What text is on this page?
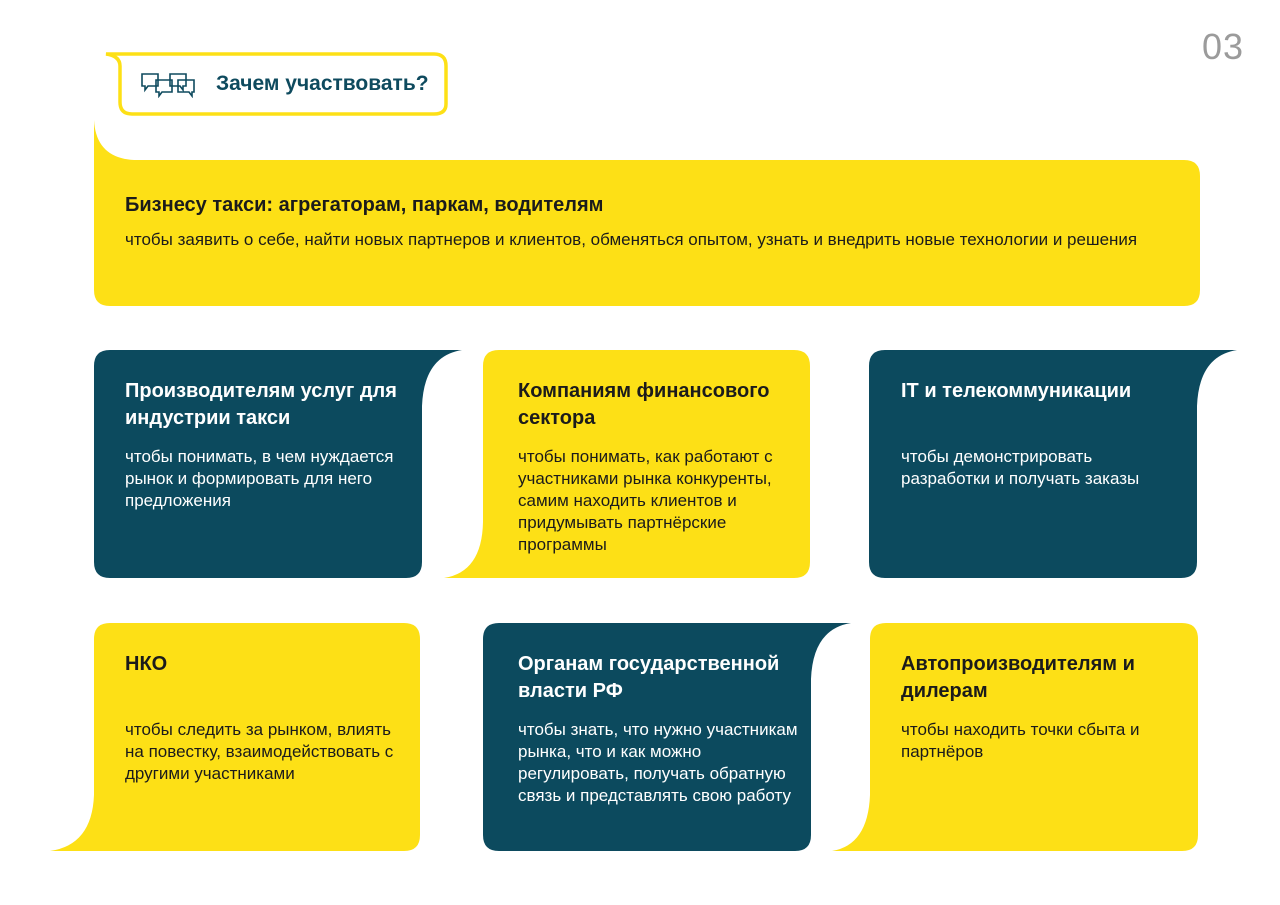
03
Зачем участвовать?
Бизнесу такси: агрегаторам, паркам, водителям

чтобы заявить о себе, найти новых партнеров и клиентов, обменяться опытом, узнать и внедрить новые технологии и решения

Производителям услуг для индустрии такси

чтобы понимать, в чем нуждается рынок и формировать для него предложения

Компаниям финансового сектора

чтобы понимать, как работают с участниками рынка конкуренты, самим находить клиентов и придумывать партнёрские программы

IT и телекоммуникации

чтобы демонстрировать разработки и получать заказы

НКО

чтобы следить за рынком, влиять на повестку, взаимодействовать с другими участниками

Органам государственной власти РФ

чтобы знать, что нужно участникам рынка, что и как можно регулировать, получать обратную связь и представлять свою работу

Автопроизводителям и дилерам

чтобы находить точки сбыта и партнёров
